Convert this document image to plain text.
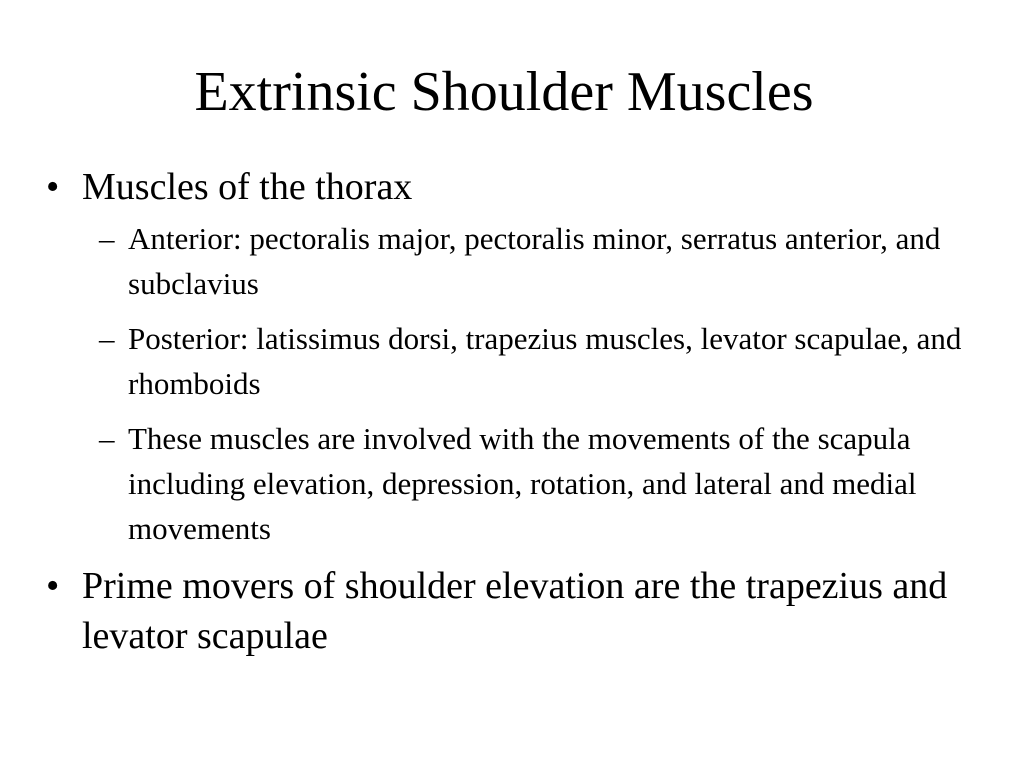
Extrinsic Shoulder Muscles
• Muscles of the thorax
– Anterior: pectoralis major, pectoralis minor, serratus anterior, and subclavius
– Posterior: latissimus dorsi, trapezius muscles, levator scapulae, and rhomboids
– These muscles are involved with the movements of the scapula including elevation, depression, rotation, and lateral and medial movements
• Prime movers of shoulder elevation are the trapezius and levator scapulae
